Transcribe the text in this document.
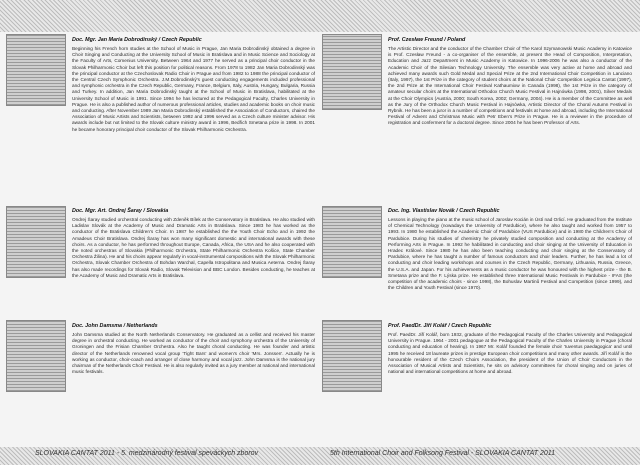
Doc. Mgr. Jan Maria Dobrodinský / Czech Republic
Beginning his French horn studies at the School of Music in Prague, Jan Maria Dobrodinský obtained a degree in Choir Singing and Conducting at the University School of Music in Bratislava and in Music Science and Sociology at the Faculty of Arts, Comenius University. Between 1964 and 1977 he served as a principal choir conductor in the Slovak Philharmonic Choir but left this position for political reasons. From 1978 to 1982 Jan Maria Dobrodinský was the principal conductor at the Czechoslovak Radio Choir in Prague and from 1982 to 1988 the principal conductor of the Central Czech Symphonic Orchestra. J.M.Dobrodinský's guest conducting engagements included professional and symphonic orchestra in the Czech Republic, Germany, France, Belgium, Italy, Austria, Hungary, Bulgaria, Russia and Turkey. In addition, Jan Maria Dobrodinský taught at the School of Music in Bratislava, habilitated at the University School of Music in 1991. Since 1994 he has lectured at the Pedagogical Faculty, Charles University in Prague. He is also a published author of numerous professional articles, studies and academic books on choir music and conducting. After November 1989 Jan Maria Dobrodinský established the Association of Conductors, chaired the Association of Music Artists and Scientists, between 1992 and 1996 served as a Czech culture minister advisor. His awards include but not limited to the Slovak culture ministry award in 1996, Bedřich Smetana prize in 1998. In 2001 he became honorary principal choir conductor of the Slovak Philharmonic Orchestra.
Doc. Mgr. Art. Ondrej Šaray / Slovakia
Ondrej Šaray studied orchestral conducting with Zdeněk Bílek at the Conservatory in Bratislava. He also studied with Ladislav Slovák at the Academy of Music and Dramatic Arts in Bratislava. Since 1983 he has worked as the conductor of the Bratislava Children's Choir. In 1987 he established the the Youth Choir Echo and in 1992 the Amadeus Choir Bratislava. Ondrej Šaray has won many significant domestic and international awards with these choirs. As a conductor, he has performed throughout Europe, Canada, Africa, the USA and he also cooperated with the noted orchestras of Slovakia (Philharmonic Orchestra, State Philharmonic Orchestra Košice, State Chamber Orchestra Žilina). He and his choirs appear regularly in vocal-instrumental compositions with the Slovak Philharmonic Orchestra, Slovak Chamber Orchestra of Bohdan Warchal, Capella Istropolitana and Musica Aeterna. Ondrej Šaray has also made recordings for Slovak Radio, Slovak Television and BBC London. Besides conducting, he teaches at the Academy of Music and Dramatic Arts in Bratislava.
Doc. John Damsma / Netherlands
John Damsma studied at the North Netherlands Conservatory. He graduated as a cellist and received his master degree in orchestral conducting. He worked as conductor of the choir and symphony orchestra of the University of Groningen and the Frisian Chamber Orchestra. Also he taught choral conducting. He was founder and artistic director of the Netherlands renowned vocal group 'Tight Bars' and women's choir 'Mrs. Jonssen'. Actually he is working as conductor, choir-coach and arranger of close harmony and vocal jazz. John Damsma is the national jury chairman of the Netherlands Choir Festival. He is also regularly invited as a jury member at national and international music festivals.
Prof. Czesław Freund / Poland
The Artistic Director and the conductor of the Chamber Choir of The Karol Szymanowski Music Academy in Katowice is Prof. Czesław Freund - a co-organiser of the ensemble, at present the Head of Composition, Interpretation, Education and Jazz Department in Music Academy in Katowice. In 1996-2006 he was also a conductor of the Academic Choir of the Silesian Technology University. The ensemble was very active at home and abroad and achieved many awards such Gold Medal and Special Prize at the 2nd International Choir Competition in Lanciano (Italy, 1997), the 1st Prize in the category of student choirs at the National Choir Competition Legnica Cantat (1997), the 2nd Prize at the International Choir Festival Kathaumixw in Canada (1998), the 1st Prize in the category of amateur secular choirs at the International Orthodox Church Music Festival in Hajnówka (1998, 2001), Silver Medals at the Choir Olympics (Austria, 2000; South Korea, 2002; Germany, 2004). He is a member of the Committee as well as the Jury of the Orthodox Church Music Festival in Hajnówka, Artistic Director of the Choral Autumn Festival in Rybnik. He has been a juror in a number of competitions and festivals at home and abroad, including the International Festival of Advent and Christmas Music with Petr Eben's Prize in Prague. He is a reviewer in the procedure of registration and conferment for a doctoral degree. Since 2004 he has been Professor of Arts.
Doc. Ing. Vlastislav Novák / Czech Republic
Lessons in playing the piano at the music school of Jaroslav Kocián in Ústí nad Orlicí. He graduated from the Institute of Chemical Technology (nowadays the University of Pardubice), where he also taught and worked from 1957 to 1993. In 1980 he established the Academic Choir of Pardubice (VUS Pardubice) and in 1980 the Children's Choir of Pardubice. During his studies of chemistry he privately studied composition and conducting at the Academy of Performing Arts in Prague. In 1992 he habilitated in conducting and choir singing at the University of Education in Hradec Králové. Since 1980 he has also been teaching conducting and choir singing at the Conservatory of Pardubice, where he has taught a number of famous conductors and choir leaders. Further, he has lead a lot of conducting and choir leading workshops and courses in the Czech Republic, Germany, Lithuania, Russia, Greece, the U.S.A. and Japan. For his achievements as a music conductor he was honoured with the highest prize - the B. Smetana prize and the F. Lýska prize. He established three International Music Festivals in Pardubice - IFAS (the competition of the academic choirs - since 1998), the Bohuslav Martinů Festival and Competition (since 1999), and the Children and Youth Festival (since 1970).
Prof. PaedDr. Jiří Kolář / Czech Republic
Prof. PaedDr. Jiří Kolář, born 1932, graduate of the Pedagogical Faculty of the Charles University and Pedagogical University in Prague. 1964 - 2001 pedagogue at the Pedagogical Faculty of the Charles University in Prague (choral conducting and education of hearing). In 1967 Mr. Kolář founded the female choir 'Iuventus paedagogica' and until 1995 he received 18 laureate prizes in prestige European choir competitions and many other awards. Jiří Kolář is the honourable resident of the Czech Choirs Association, the president of the Union of Choir Conductors in the Association of Musical Artists and Scientists, he sits on advisory committees for choral singing and on juries of national and international competitions at home and abroad.
SLOVAKIA CANTAT 2011 - 5. medzinárodný festival speváckych zborov	5th International Choir and Folksong Festival - SLOVAKIA CANTAT 2011
